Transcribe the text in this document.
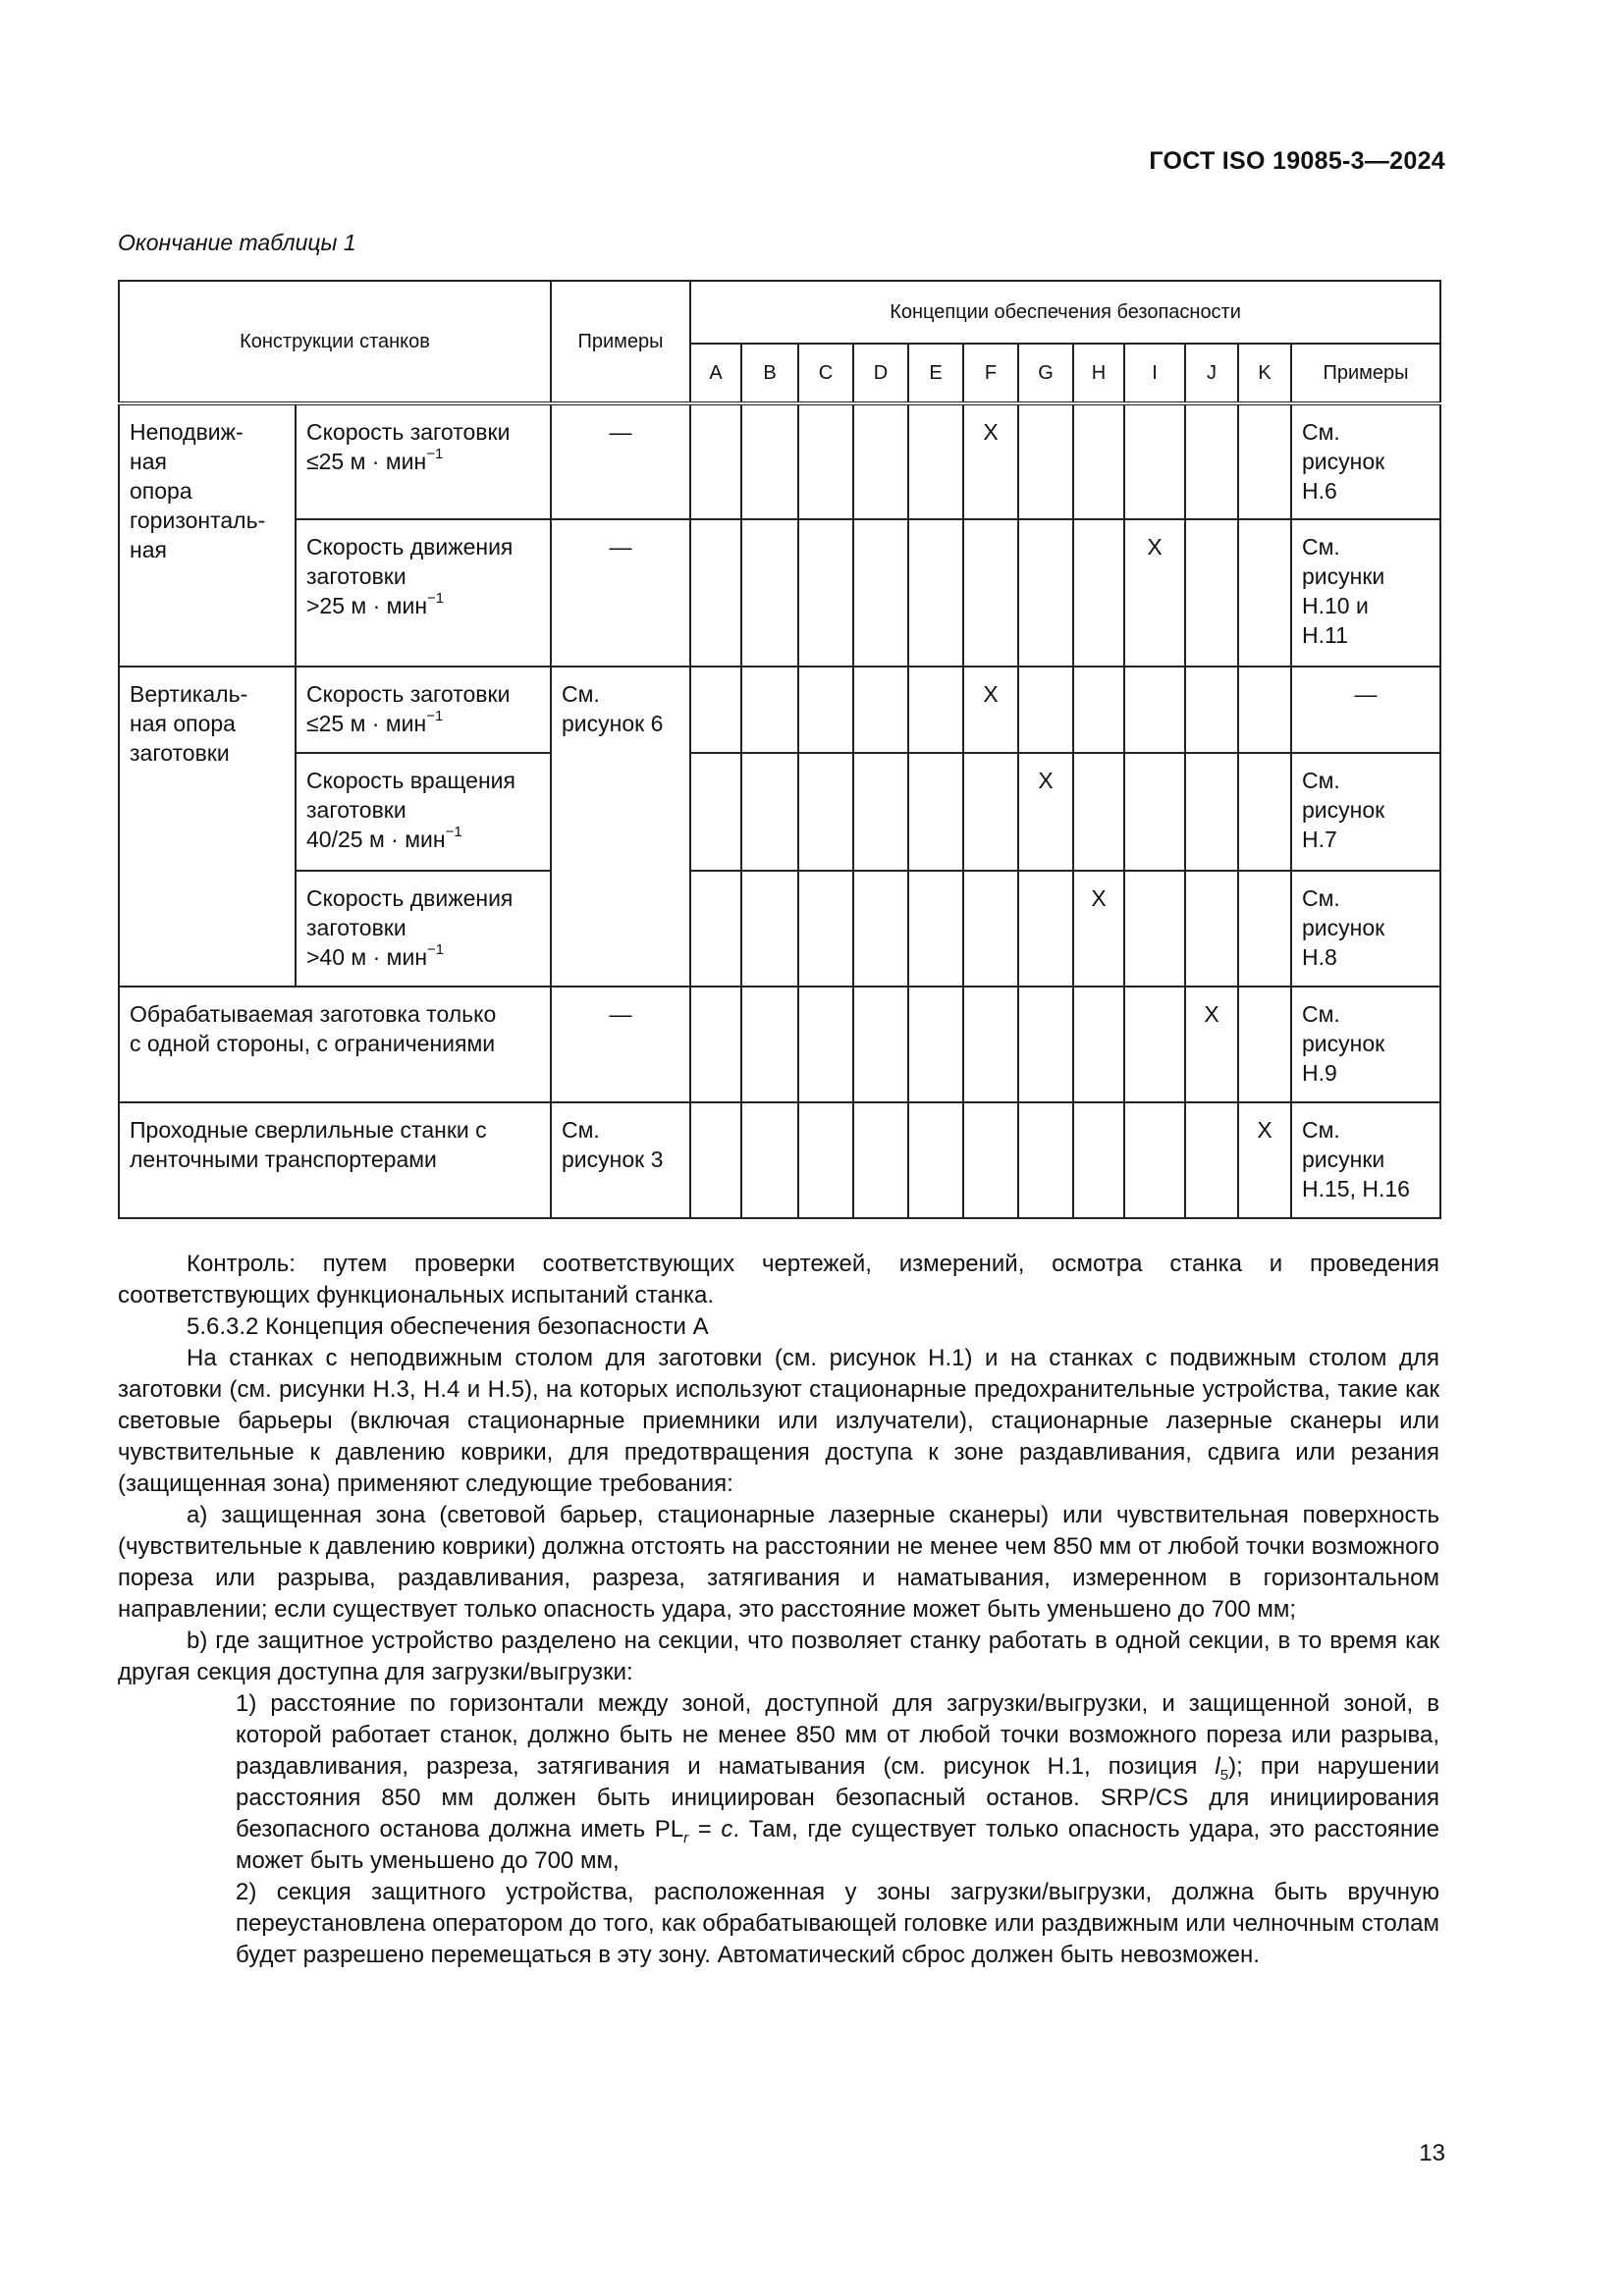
ГОСТ ISO 19085-3—2024
Окончание таблицы 1
Конструкции станков		Примеры	Концепции обеспечения безопасности											
			A	B	C	D	E	F	G	H	I	J	K	Примеры
Неподвиж-
ная
опора
горизонталь-
ная	Скорость заготовки
≤25 м · мин$^{-1}$	—						X						См.
рисунок
Н.6
	Скорость движения
заготовки
>25 м · мин$^{-1}$	—									X			См.
рисунки
Н.10 и
Н.11
Вертикаль-
ная опора
заготовки	Скорость заготовки
≤25 м · мин$^{-1}$	См.
рисунок 6						X						—
	Скорость вращения
заготовки
40/25 м · мин$^{-1}$								X					См.
рисунок
Н.7
	Скорость движения
заготовки
>40 м · мин$^{-1}$									X				См.
рисунок
Н.8
Обрабатываемая заготовка только
с одной стороны, с ограничениями		—										X		См.
рисунок
Н.9
Проходные сверлильные станки с
ленточными транспортерами		См.
рисунок 3											X	См.
рисунки
Н.15, Н.16

Контроль: путем проверки соответствующих чертежей, измерений, осмотра станка и проведения соответствующих функциональных испытаний станка.

5.6.3.2 Концепция обеспечения безопасности A

На станках с неподвижным столом для заготовки (см. рисунок Н.1) и на станках с подвижным столом для заготовки (см. рисунки Н.3, Н.4 и Н.5), на которых используют стационарные предохранительные устройства, такие как световые барьеры (включая стационарные приемники или излучатели), стационарные лазерные сканеры или чувствительные к давлению коврики, для предотвращения доступа к зоне раздавливания, сдвига или резания (защищенная зона) применяют следующие требования:

a) защищенная зона (световой барьер, стационарные лазерные сканеры) или чувствительная поверхность (чувствительные к давлению коврики) должна отстоять на расстоянии не менее чем 850 мм от любой точки возможного пореза или разрыва, раздавливания, разреза, затягивания и наматывания, измеренном в горизонтальном направлении; если существует только опасность удара, это расстояние может быть уменьшено до 700 мм;

b) где защитное устройство разделено на секции, что позволяет станку работать в одной секции, в то время как другая секция доступна для загрузки/выгрузки:

1) расстояние по горизонтали между зоной, доступной для загрузки/выгрузки, и защищенной зоной, в которой работает станок, должно быть не менее 850 мм от любой точки возможного пореза или разрыва, раздавливания, разреза, затягивания и наматывания (см. рисунок Н.1, позиция $l_5$); при нарушении расстояния 850 мм должен быть инициирован безопасный останов. SRP/CS для инициирования безопасного останова должна иметь $PL_r = c$. Там, где существует только опасность удара, это расстояние может быть уменьшено до 700 мм,

2) секция защитного устройства, расположенная у зоны загрузки/выгрузки, должна быть вручную переустановлена оператором до того, как обрабатывающей головке или раздвижным или челночным столам будет разрешено перемещаться в эту зону. Автоматический сброс должен быть невозможен.

13
